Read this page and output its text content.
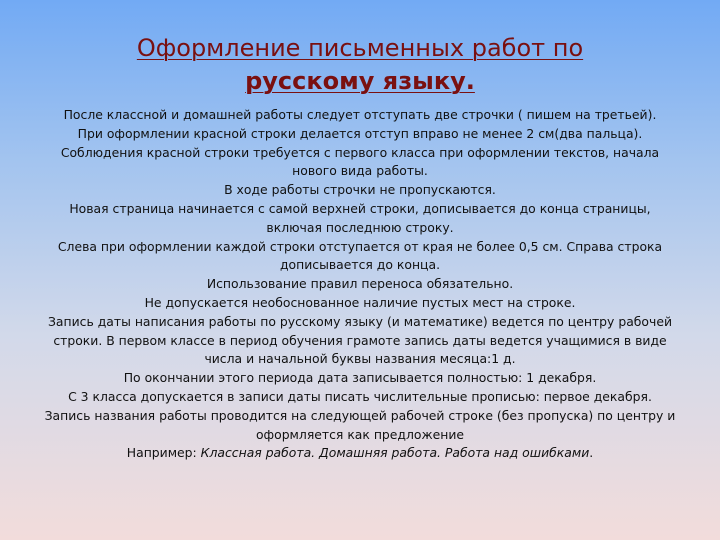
Оформление письменных работ по
русскому языку.

После классной и домашней работы следует отступать две строчки ( пишем на третьей).

При оформлении красной строки делается отступ вправо не менее 2 см(два пальца).

Соблюдения красной строки требуется с первого класса при оформлении текстов, начала нового вида работы.

В ходе работы строчки не пропускаются.

Новая страница начинается с самой верхней строки, дописывается до конца страницы, включая последнюю строку.

Слева при оформлении каждой строки отступается от края не более 0,5 см. Справа строка дописывается до конца.

Использование правил переноса обязательно.

Не допускается необоснованное наличие пустых мест на строке.

Запись даты написания работы по русскому языку (и математике) ведется по центру рабочей строки. В первом классе в период обучения грамоте запись даты ведется учащимися в виде числа и начальной буквы названия месяца:1 д.

По окончании этого периода дата записывается полностью: 1 декабря.

С 3 класса допускается в записи даты писать числительные прописью: первое декабря.

Запись названия работы проводится на следующей рабочей строке (без пропуска) по центру и оформляется как предложение

Например: Классная работа. Домашняя работа. Работа над ошибками.
